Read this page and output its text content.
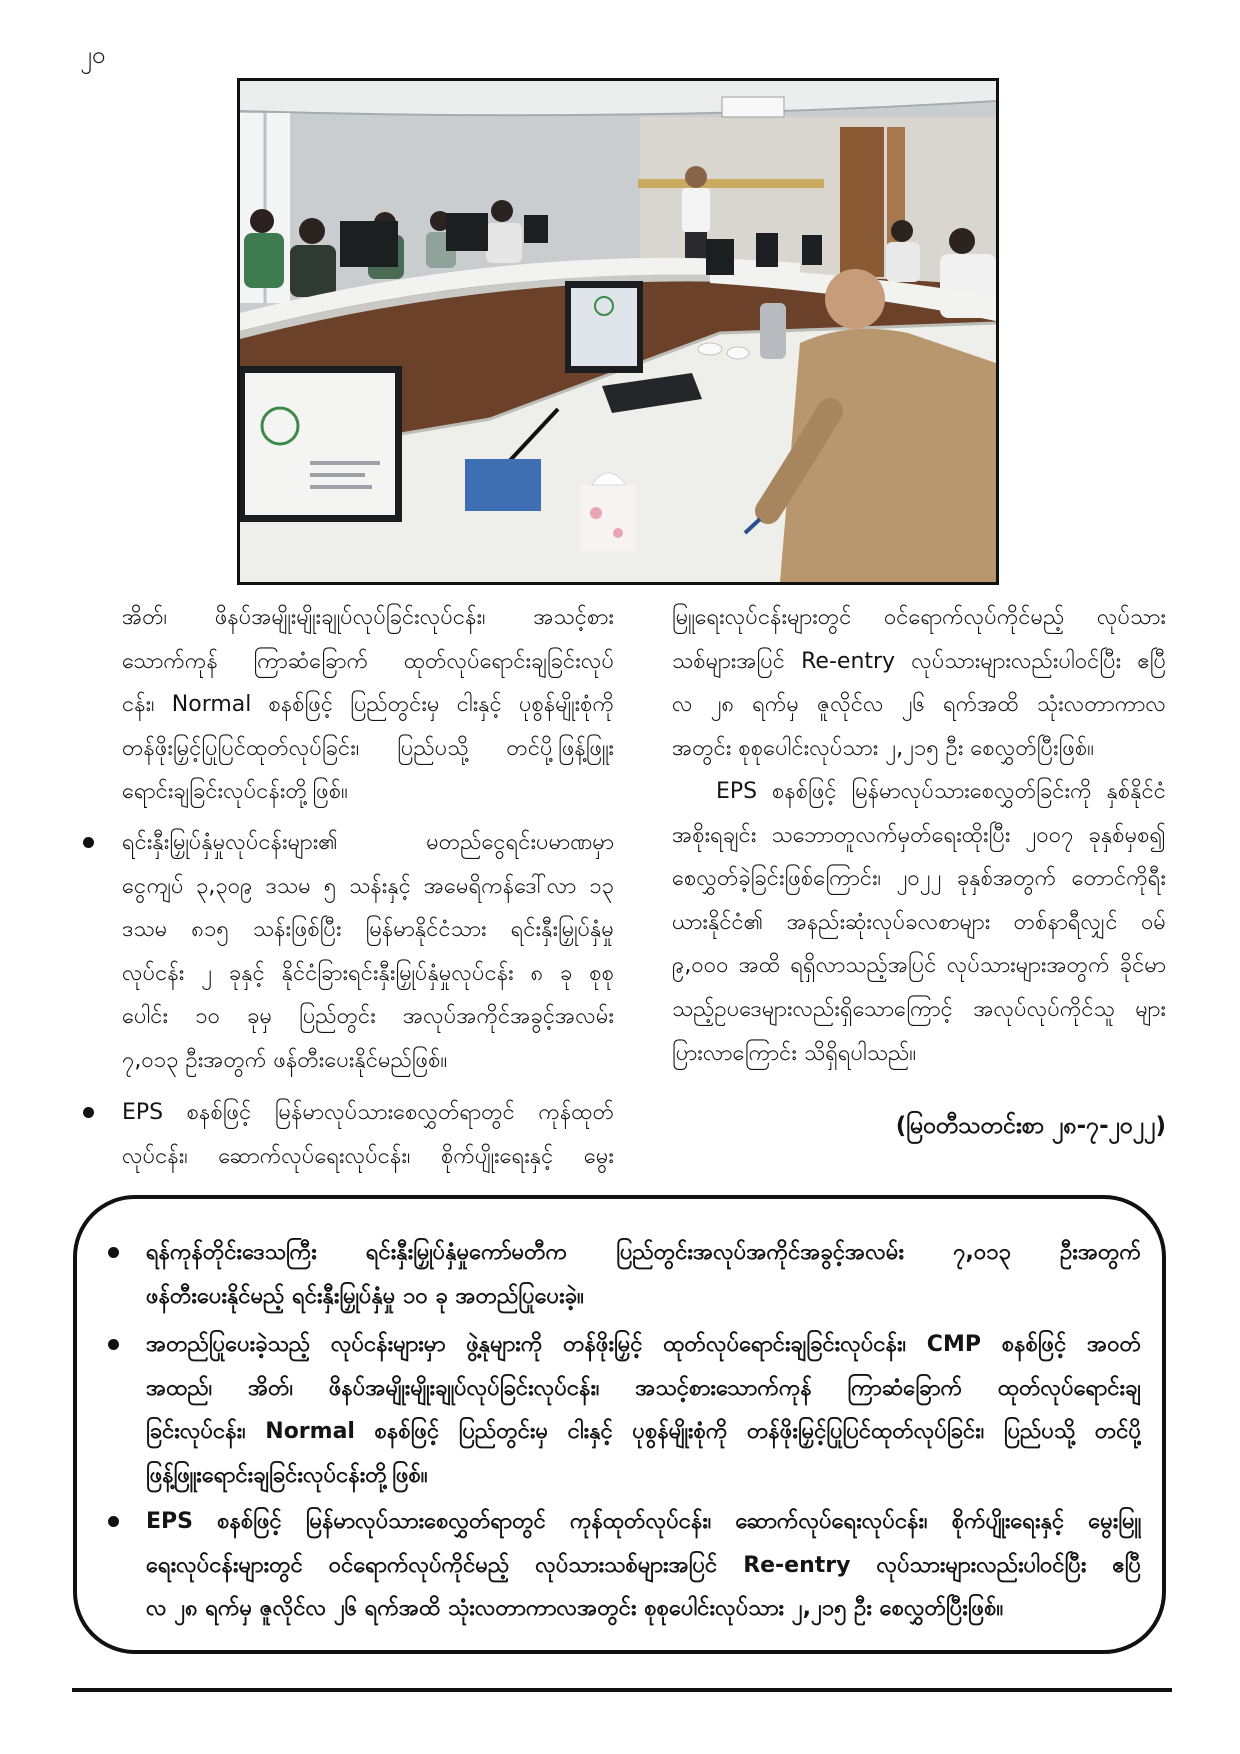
၂၀
အိတ်၊ ဖိနပ်အမျိုးမျိုးချုပ်လုပ်ခြင်းလုပ်ငန်း၊ အသင့်စား
သောက်ကုန် ကြာဆံခြောက် ထုတ်လုပ်ရောင်းချခြင်းလုပ်
ငန်း၊ Normal စနစ်ဖြင့် ပြည်တွင်းမှ ငါးနှင့် ပုစွန်မျိုးစုံကို
တန်ဖိုးမြှင့်ပြုပြင်ထုတ်လုပ်ခြင်း၊ ပြည်ပသို့ တင်ပို့ဖြန့်ဖြူး
ရောင်းချခြင်းလုပ်ငန်းတို့ဖြစ်။
ရင်းနှီးမြှုပ်နှံမှုလုပ်ငန်းများ၏ မတည်ငွေရင်းပမာဏမှာ
ငွေကျပ် ၃,၃၀၉ ဒသမ ၅ သန်းနှင့် အမေရိကန်ဒေါ်လာ ၁၃
ဒသမ ၈၁၅ သန်းဖြစ်ပြီး မြန်မာနိုင်ငံသား ရင်းနှီးမြှုပ်နှံမှု
လုပ်ငန်း ၂ ခုနှင့် နိုင်ငံခြားရင်းနှီးမြှုပ်နှံမှုလုပ်ငန်း ၈ ခု စုစု
ပေါင်း ၁၀ ခုမှ ပြည်တွင်း အလုပ်အကိုင်အခွင့်အလမ်း
၇,၀၁၃ ဦးအတွက် ဖန်တီးပေးနိုင်မည်ဖြစ်။
EPS စနစ်ဖြင့် မြန်မာလုပ်သားစေလွှတ်ရာတွင် ကုန်ထုတ်
လုပ်ငန်း၊ ဆောက်လုပ်ရေးလုပ်ငန်း၊ စိုက်ပျိုးရေးနှင့် မွေး
မြူရေးလုပ်ငန်းများတွင် ဝင်ရောက်လုပ်ကိုင်မည့် လုပ်သား
သစ်များအပြင် Re-entry လုပ်သားများလည်းပါဝင်ပြီး ဧပြီ
လ ၂၈ ရက်မှ ဇူလိုင်လ ၂၆ ရက်အထိ သုံးလတာကာလ
အတွင်း စုစုပေါင်းလုပ်သား ၂,၂၁၅ ဦး စေလွှတ်ပြီးဖြစ်။
EPS စနစ်ဖြင့် မြန်မာလုပ်သားစေလွှတ်ခြင်းကို နှစ်နိုင်ငံ
အစိုးရချင်း သဘောတူလက်မှတ်ရေးထိုးပြီး ၂၀၀၇ ခုနှစ်မှစ၍
စေလွှတ်ခဲ့ခြင်းဖြစ်ကြောင်း၊ ၂၀၂၂ ခုနှစ်အတွက် တောင်ကိုရီး
ယားနိုင်ငံ၏ အနည်းဆုံးလုပ်ခလစာများ တစ်နာရီလျှင် ဝမ်
၉,၀၀၀ အထိ ရရှိလာသည့်အပြင် လုပ်သားများအတွက် ခိုင်မာ
သည့်ဥပဒေများလည်းရှိသောကြောင့် အလုပ်လုပ်ကိုင်သူ များ
ပြားလာကြောင်း သိရှိရပါသည်။
(မြဝတီသတင်းစာ ၂၈-၇-၂၀၂၂)
ရန်ကုန်တိုင်းဒေသကြီး ရင်းနှီးမြှုပ်နှံမှုကော်မတီက ပြည်တွင်းအလုပ်အကိုင်အခွင့်အလမ်း ၇,၀၁၃ ဦးအတွက်
ဖန်တီးပေးနိုင်မည့် ရင်းနှီးမြှုပ်နှံမှု ၁၀ ခု အတည်ပြုပေးခဲ့။
အတည်ပြုပေးခဲ့သည့် လုပ်ငန်းများမှာ ဖွဲ့နုများကို တန်ဖိုးမြှင့် ထုတ်လုပ်ရောင်းချခြင်းလုပ်ငန်း၊ CMP စနစ်ဖြင့် အဝတ်
အထည်၊ အိတ်၊ ဖိနပ်အမျိုးမျိုးချုပ်လုပ်ခြင်းလုပ်ငန်း၊ အသင့်စားသောက်ကုန် ကြာဆံခြောက် ထုတ်လုပ်ရောင်းချ
ခြင်းလုပ်ငန်း၊ Normal စနစ်ဖြင့် ပြည်တွင်းမှ ငါးနှင့် ပုစွန်မျိုးစုံကို တန်ဖိုးမြှင့်ပြုပြင်ထုတ်လုပ်ခြင်း၊ ပြည်ပသို့ တင်ပို့
ဖြန့်ဖြူးရောင်းချခြင်းလုပ်ငန်းတို့ဖြစ်။
EPS စနစ်ဖြင့် မြန်မာလုပ်သားစေလွှတ်ရာတွင် ကုန်ထုတ်လုပ်ငန်း၊ ဆောက်လုပ်ရေးလုပ်ငန်း၊ စိုက်ပျိုးရေးနှင့် မွေးမြူ
ရေးလုပ်ငန်းများတွင် ဝင်ရောက်လုပ်ကိုင်မည့် လုပ်သားသစ်များအပြင် Re-entry လုပ်သားများလည်းပါဝင်ပြီး ဧပြီ
လ ၂၈ ရက်မှ ဇူလိုင်လ ၂၆ ရက်အထိ သုံးလတာကာလအတွင်း စုစုပေါင်းလုပ်သား ၂,၂၁၅ ဦး စေလွှတ်ပြီးဖြစ်။
